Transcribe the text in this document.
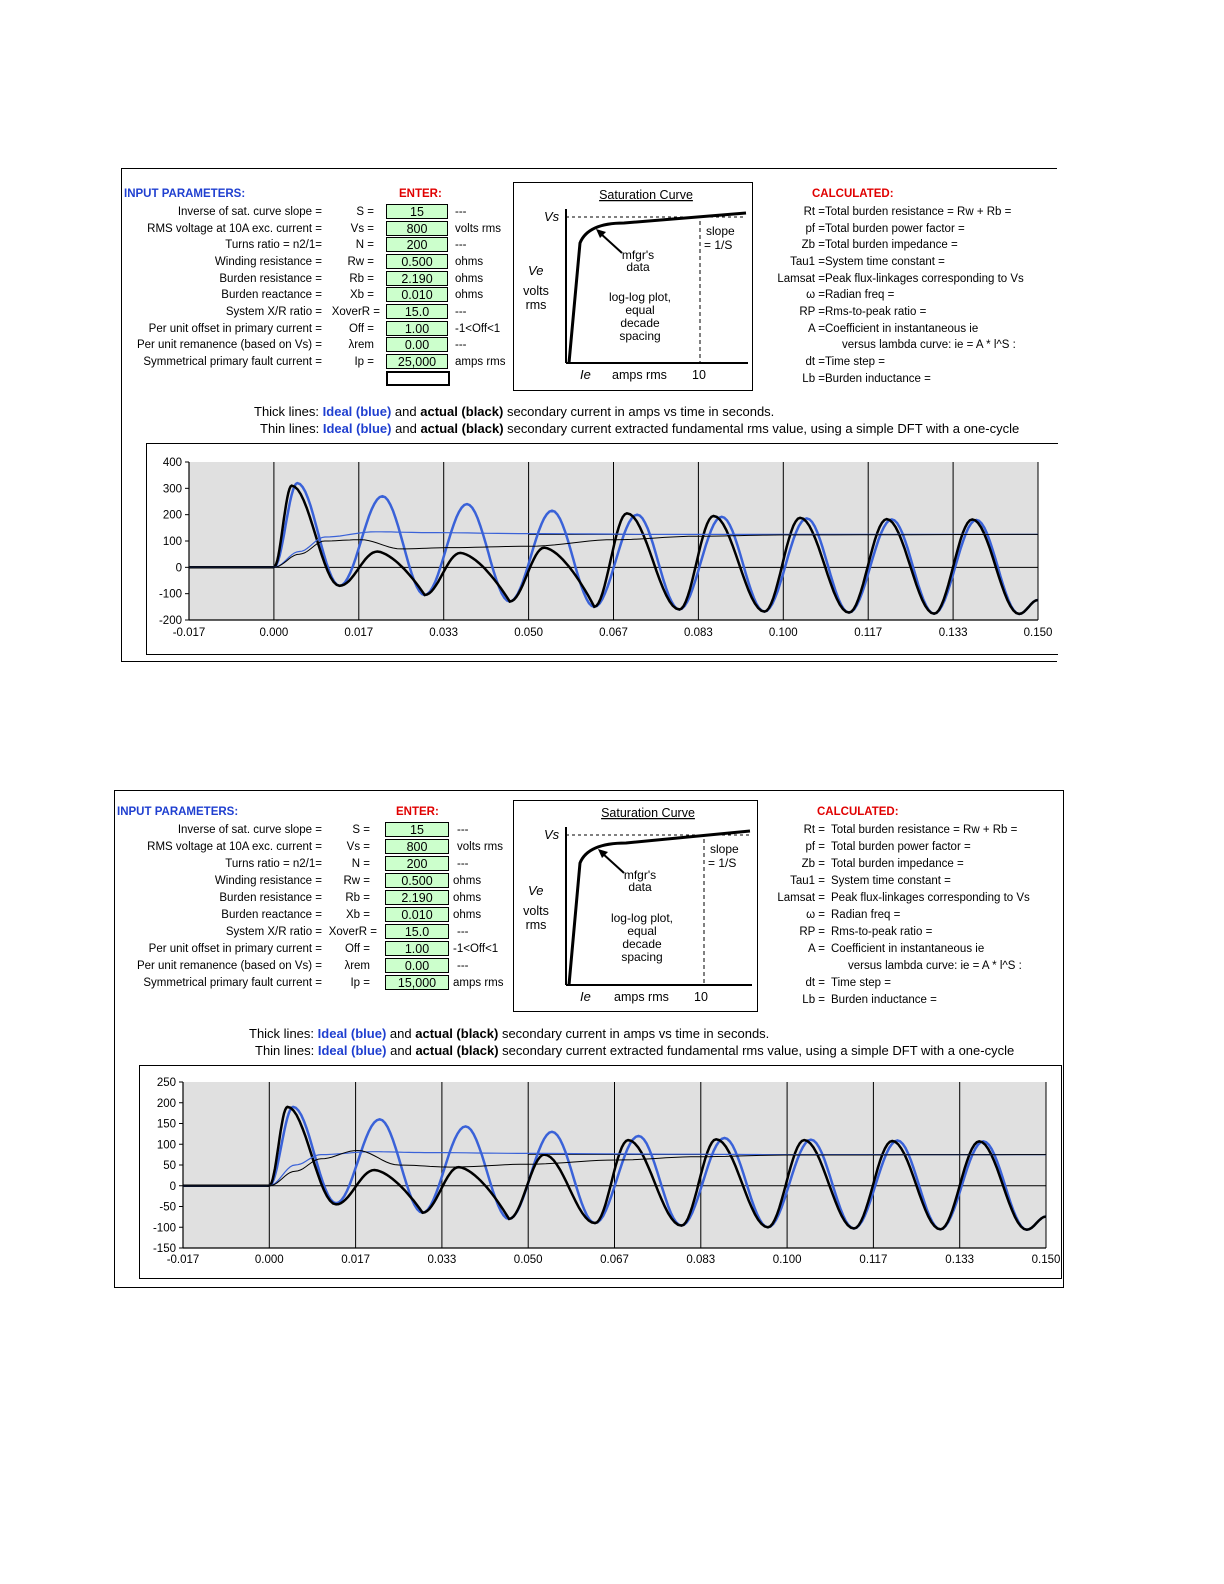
INPUT PARAMETERS:	ENTER:
Inverse of sat. curve slope =	S =	15	---
RMS voltage at 10A exc. current = Vs =	800	volts rms
Turns ratio = n2/1=	N =	200	---
Winding resistance = Rw =	0.500	ohms
Burden resistance = Rb =	2.190	ohms
Burden reactance = Xb =	0.010	ohms
System X/R ratio = XoverR =	15.0	---
Per unit offset in primary current = Off =	1.00	-1<Off<1
Per unit remanence (based on Vs) = λrem	0.00	---
Symmetrical primary fault current =	Ip =	25,000	amps rms
Saturation Curve
Vs
Ve
volts
rms
slope
= 1/S
mfgr's
data
log-log plot,
equal
decade
spacing
Ie amps rms 10
CALCULATED:
Rt = Total burden resistance = Rw + Rb =
pf = Total burden power factor =
Zb = Total burden impedance =
Tau1 = System time constant =
Lamsat = Peak flux-linkages corresponding to Vs
ω = Radian freq =
RP = Rms-to-peak ratio =
A = Coefficient in instantaneous ie
versus lambda curve: ie = A * l^S :
dt = Time step =
Lb = Burden inductance =
Thick lines: Ideal (blue) and actual (black) secondary current in amps vs time in seconds.
Thin lines: Ideal (blue) and actual (black) secondary current extracted fundamental rms value, using a simple DFT with a one-cycle
-0.017	0.000	0.017	0.033	0.050	0.067	0.083	0.100	0.117	0.133	0.150
400
300
200
100
0
-100
-200
INPUT PARAMETERS:	ENTER:
Inverse of sat. curve slope =	S =	15	---
RMS voltage at 10A exc. current = Vs =	800	volts rms
Turns ratio = n2/1=	N =	200	---
Winding resistance = Rw =	0.500	ohms
Burden resistance = Rb =	2.190	ohms
Burden reactance = Xb =	0.010	ohms
System X/R ratio = XoverR =	15.0	---
Per unit offset in primary current = Off =	1.00	-1<Off<1
Per unit remanence (based on Vs) = λrem	0.00	---
Symmetrical primary fault current = Ip =	15,000	amps rms
Saturation Curve
Vs
Ve
volts
rms
slope
= 1/S
mfgr's
data
log-log plot,
equal
decade
spacing
Ie amps rms 10
CALCULATED:
Rt = Total burden resistance = Rw + Rb =
pf = Total burden power factor =
Zb = Total burden impedance =
Tau1 = System time constant =
Lamsat = Peak flux-linkages corresponding to Vs
ω = Radian freq =
RP = Rms-to-peak ratio =
A = Coefficient in instantaneous ie
versus lambda curve: ie = A * l^S :
dt = Time step =
Lb = Burden inductance =
Thick lines: Ideal (blue) and actual (black) secondary current in amps vs time in seconds.
Thin lines: Ideal (blue) and actual (black) secondary current extracted fundamental rms value, using a simple DFT with a one-cycle
-0.017	0.000	0.017	0.033	0.050	0.067	0.083	0.100	0.117	0.133	0.150
250
200
150
100
50
0
-50
-100
-150
